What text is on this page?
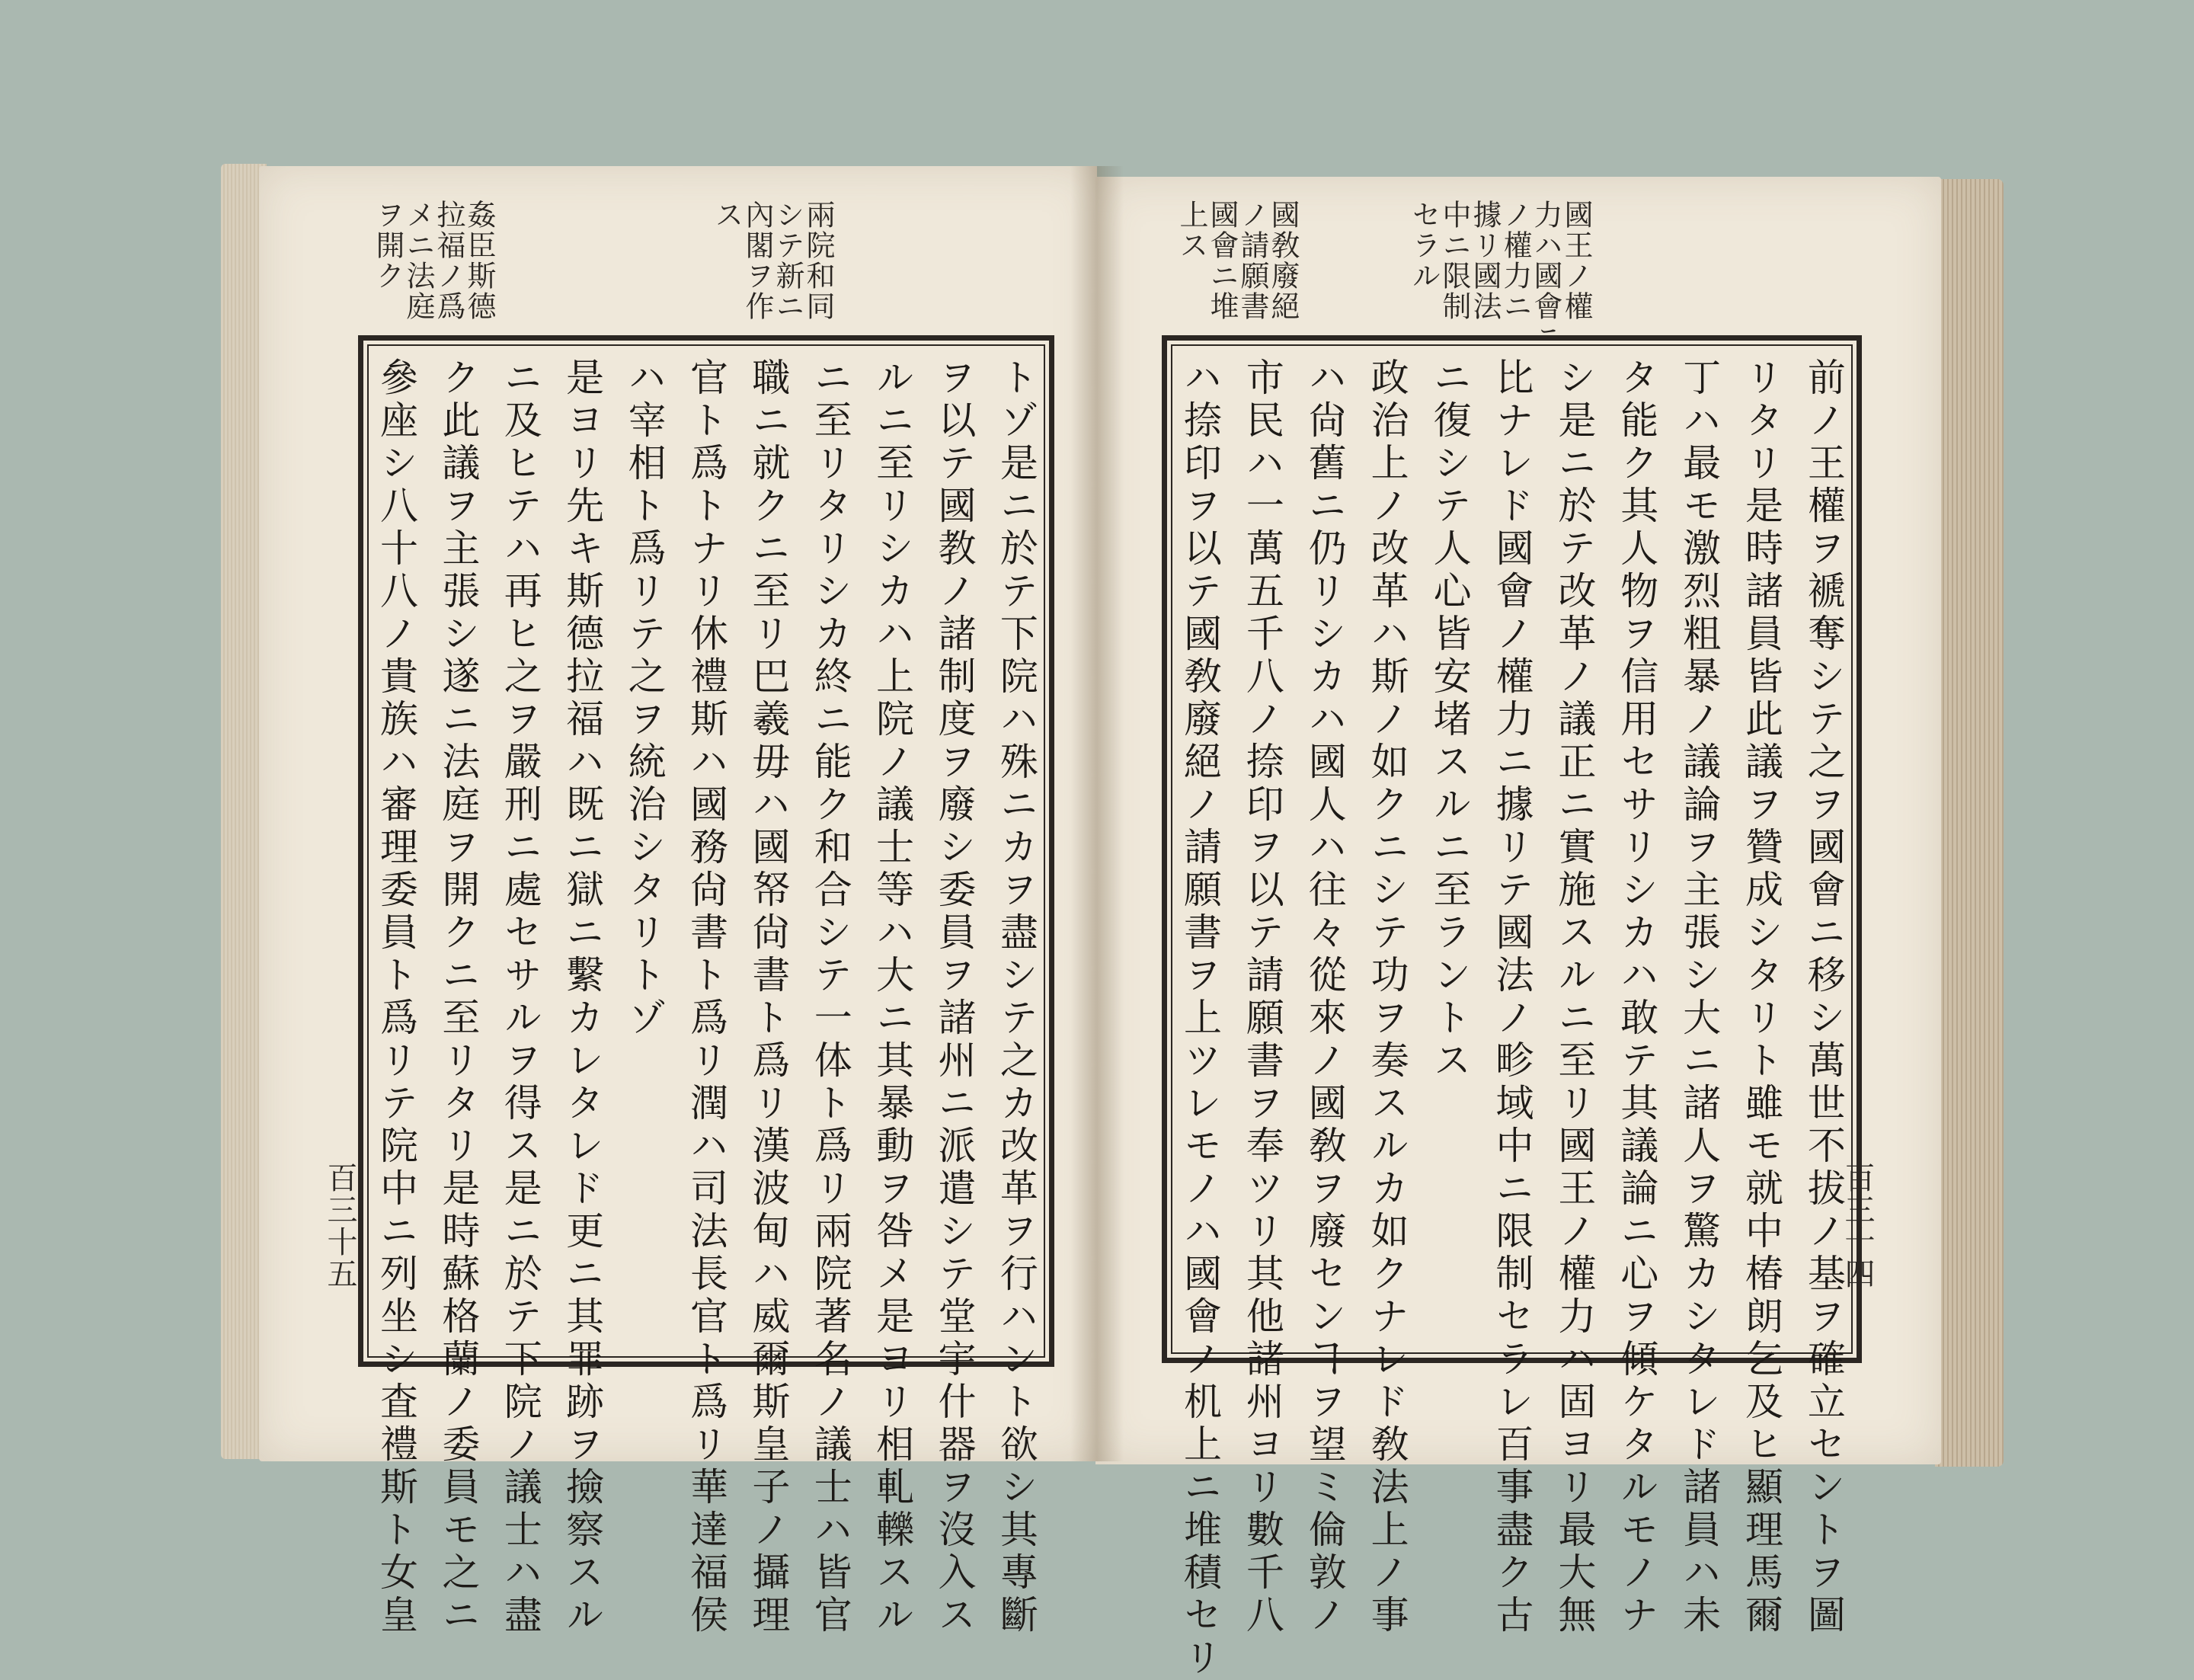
姦臣斯德
拉福ノ爲
メニ法庭
ヲ開ク	兩院和同
シテ新ニ
內閣ヲ作
ス	國敎廢絕
ノ請願書
國會ニ堆
上ス	國王ノ權
力ハ國會ニ
ノ權力ニ
據リ國法
中ニ限制
セラル
トゾ是ニ於テ下院ハ殊ニカヲ盡シテ之カ改革ヲ行ハント欲シ其專斷
ヲ以テ國教ノ諸制度ヲ廢シ委員ヲ諸州ニ派遣シテ堂宇什器ヲ沒入ス
ルニ至リシカハ上院ノ議士等ハ大ニ其暴動ヲ咎メ是ヨリ相軋轢スル
ニ至リタリシカ終ニ能ク和合シテ一体ト爲リ兩院著名ノ議士ハ皆官
職ニ就クニ至リ巴羲毋ハ國帑尙書ト爲リ漢波甸ハ威爾斯皇子ノ攝理
官ト爲トナリ休禮斯ハ國務尙書ト爲リ潤ハ司法長官ト爲リ華達福侯
ハ宰相ト爲リテ之ヲ統治シタリトゾ
是ヨリ先キ斯德拉福ハ既ニ獄ニ繫カレタレド更ニ其罪跡ヲ撿察スル
ニ及ヒテハ再ヒ之ヲ嚴刑ニ處セサルヲ得ス是ニ於テ下院ノ議士ハ盡
ク此議ヲ主張シ遂ニ法庭ヲ開クニ至リタリ是時蘇格蘭ノ委員モ之ニ
參座シ八十八ノ貴族ハ審理委員ト爲リテ院中ニ列坐シ査禮斯ト女皇	前ノ王權ヲ褫奪シテ之ヲ國會ニ移シ萬世不拔ノ基ヲ確立セントヲ圖
リタリ是時諸員皆此議ヲ贊成シタリト雖モ就中椿朗乞及ヒ顯理馬爾
丁ハ最モ激烈粗暴ノ議論ヲ主張シ大ニ諸人ヲ驚カシタレド諸員ハ未
タ能ク其人物ヲ信用セサリシカハ敢テ其議論ニ心ヲ傾ケタルモノナ
シ是ニ於テ改革ノ議正ニ實施スルニ至リ國王ノ權力ハ固ヨリ最大無
比ナレド國會ノ權力ニ據リテ國法ノ畛域中ニ限制セラレ百事盡ク古
ニ復シテ人心皆安堵スルニ至ラントス
政治上ノ改革ハ斯ノ如クニシテ功ヲ奏スルカ如クナレド敎法上ノ事
ハ尙舊ニ仍リシカハ國人ハ往々從來ノ國敎ヲ廢センヿヲ望ミ倫敦ノ
市民ハ一萬五千八ノ捺印ヲ以テ請願書ヲ奉ツリ其他諸州ヨリ數千八
ハ捺印ヲ以テ國敎廢絕ノ請願書ヲ上ツレモノハ國會ノ机上ニ堆積セリ
百三十五	百三十四
